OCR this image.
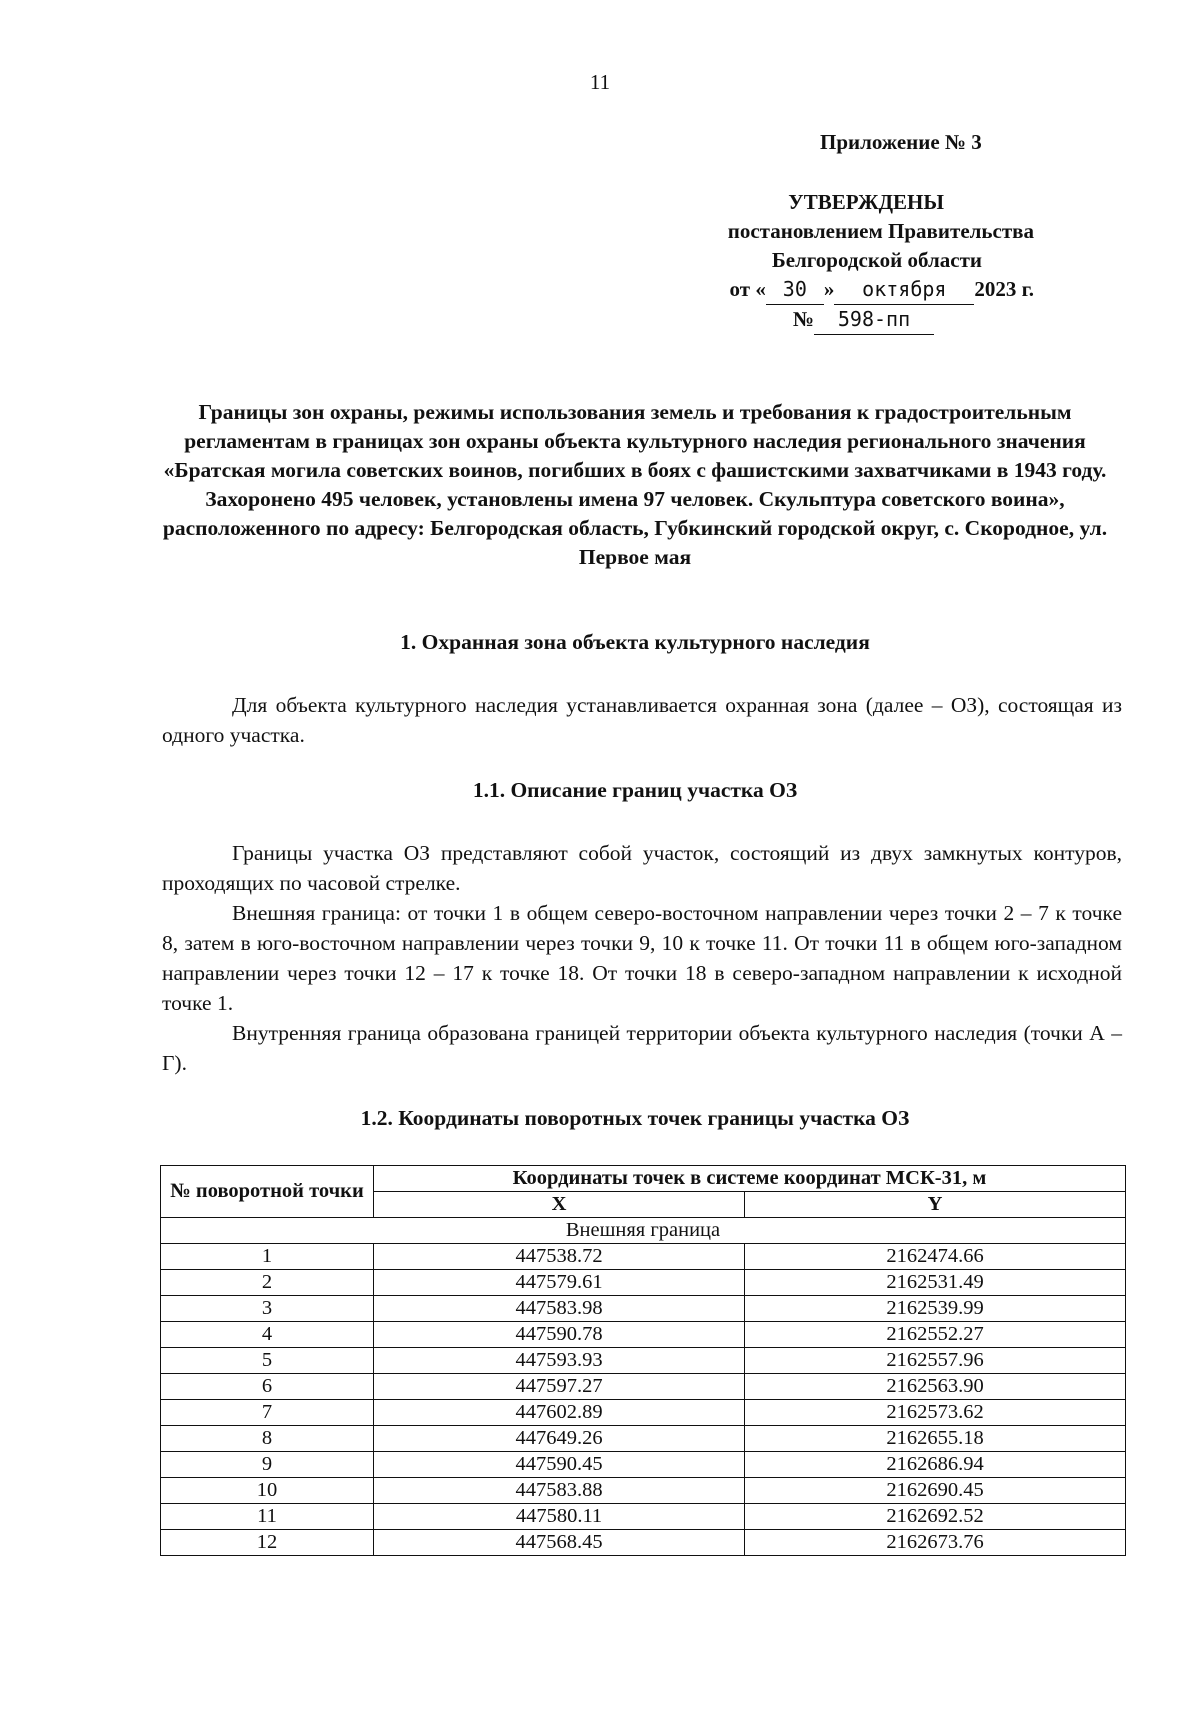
11
Приложение № 3
УТВЕРЖДЕНЫ
постановлением Правительства
Белгородской области
от « 30 » октября 2023 г.
№ 598-пп
Границы зон охраны, режимы использования земель и требования к градостроительным регламентам в границах зон охраны объекта культурного наследия регионального значения «Братская могила советских воинов, погибших в боях с фашистскими захватчиками в 1943 году. Захоронено 495 человек, установлены имена 97 человек. Скульптура советского воина», расположенного по адресу: Белгородская область, Губкинский городской округ, с. Скородное, ул. Первое мая
1. Охранная зона объекта культурного наследия
Для объекта культурного наследия устанавливается охранная зона (далее – ОЗ), состоящая из одного участка.
1.1. Описание границ участка ОЗ
Границы участка ОЗ представляют собой участок, состоящий из двух замкнутых контуров, проходящих по часовой стрелке.
Внешняя граница: от точки 1 в общем северо-восточном направлении через точки 2 – 7 к точке 8, затем в юго-восточном направлении через точки 9, 10 к точке 11. От точки 11 в общем юго-западном направлении через точки 12 – 17 к точке 18. От точки 18 в северо-западном направлении к исходной точке 1.
Внутренняя граница образована границей территории объекта культурного наследия (точки А – Г).
1.2. Координаты поворотных точек границы участка ОЗ
№ поворотной точки	Координаты точек в системе координат МСК-31, м	
	X	Y
Внешняя граница		
1	447538.72	2162474.66
2	447579.61	2162531.49
3	447583.98	2162539.99
4	447590.78	2162552.27
5	447593.93	2162557.96
6	447597.27	2162563.90
7	447602.89	2162573.62
8	447649.26	2162655.18
9	447590.45	2162686.94
10	447583.88	2162690.45
11	447580.11	2162692.52
12	447568.45	2162673.76
